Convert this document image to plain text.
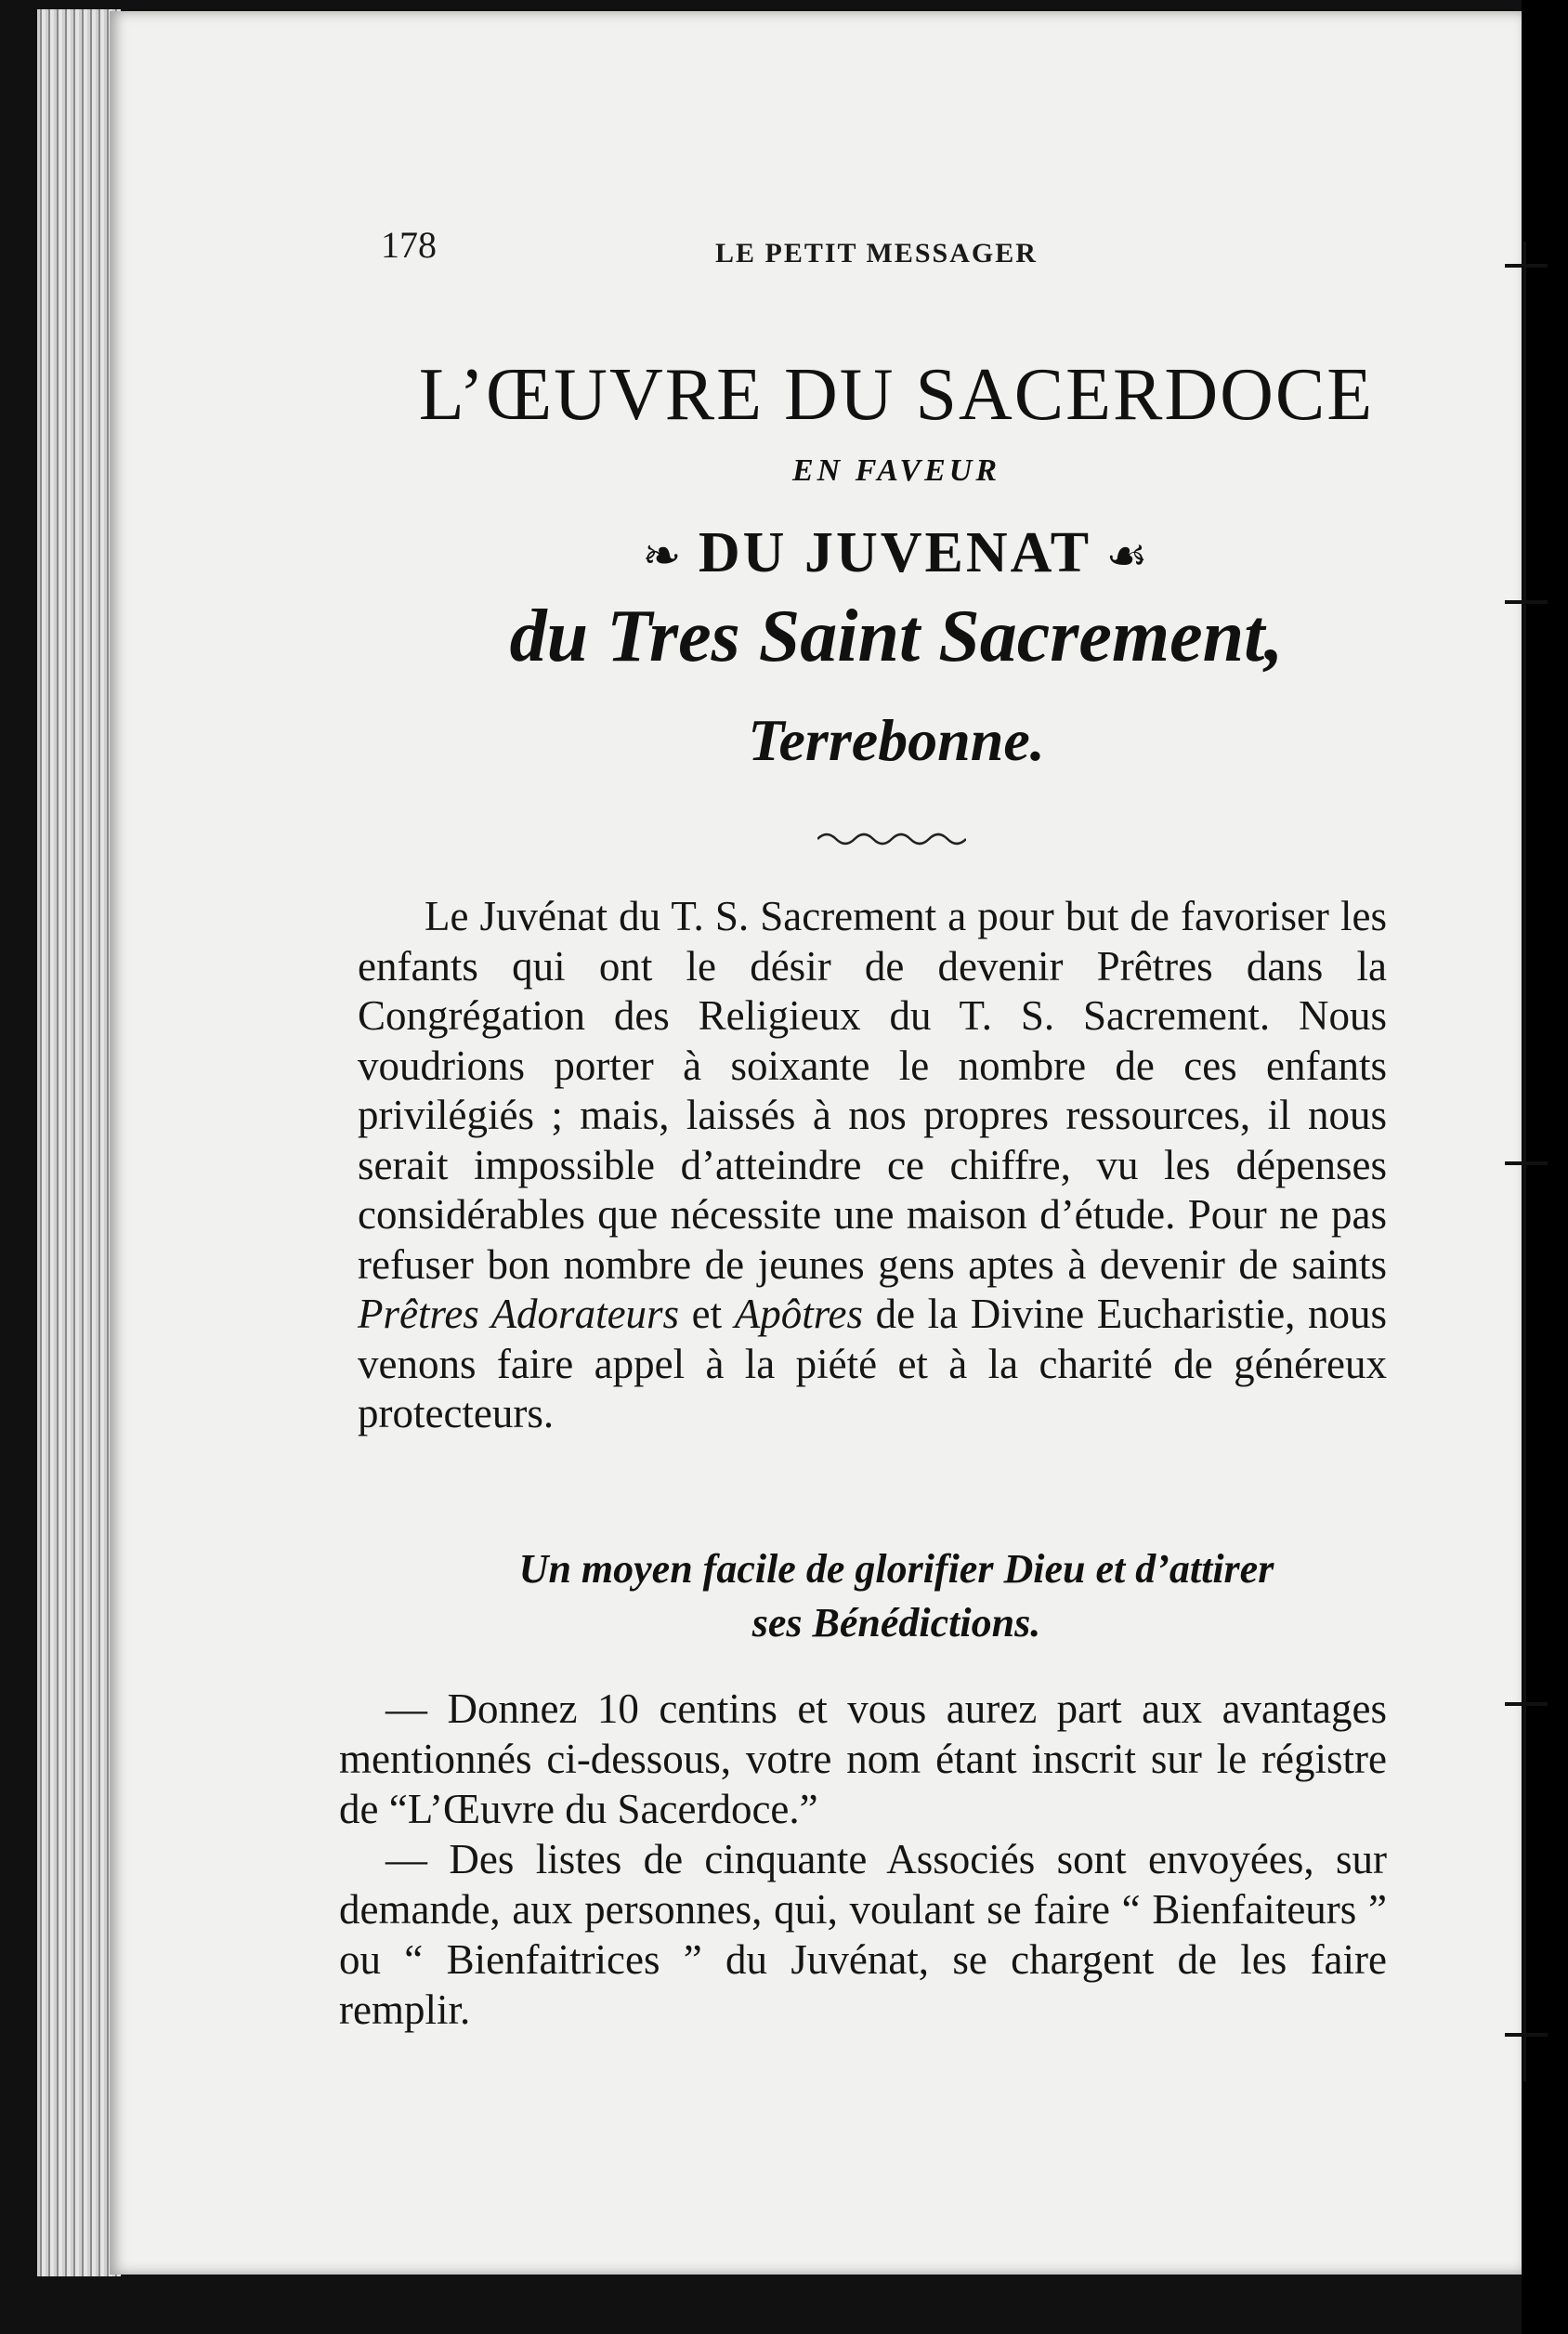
178	LE PETIT MESSAGER
L’ŒUVRE DU SACERDOCE
EN FAVEUR
❧ DU JUVENAT ☙
du Tres Saint Sacrement,
Terrebonne.

Le Juvénat du T. S. Sacrement a pour but de favoriser les enfants qui ont le désir de devenir Prêtres dans la Congrégation des Religieux du T. S. Sacrement. Nous voudrions porter à soixante le nombre de ces enfants privilégiés ; mais, laissés à nos propres ressources, il nous serait impossible d’atteindre ce chiffre, vu les dépenses considérables que nécessite une maison d’étude. Pour ne pas refuser bon nombre de jeunes gens aptes à devenir de saints Prêtres Adorateurs et Apôtres de la Divine Eucharistie, nous venons faire appel à la piété et à la charité de généreux protecteurs.

Un moyen facile de glorifier Dieu et d’attirer
ses Bénédictions.

— Donnez 10 centins et vous aurez part aux avantages mentionnés ci-dessous, votre nom étant inscrit sur le régistre de “L’Œuvre du Sacerdoce.”

— Des listes de cinquante Associés sont envoyées, sur demande, aux personnes, qui, voulant se faire “ Bienfaiteurs ” ou “ Bienfaitrices ” du Juvénat, se chargent de les faire remplir.
